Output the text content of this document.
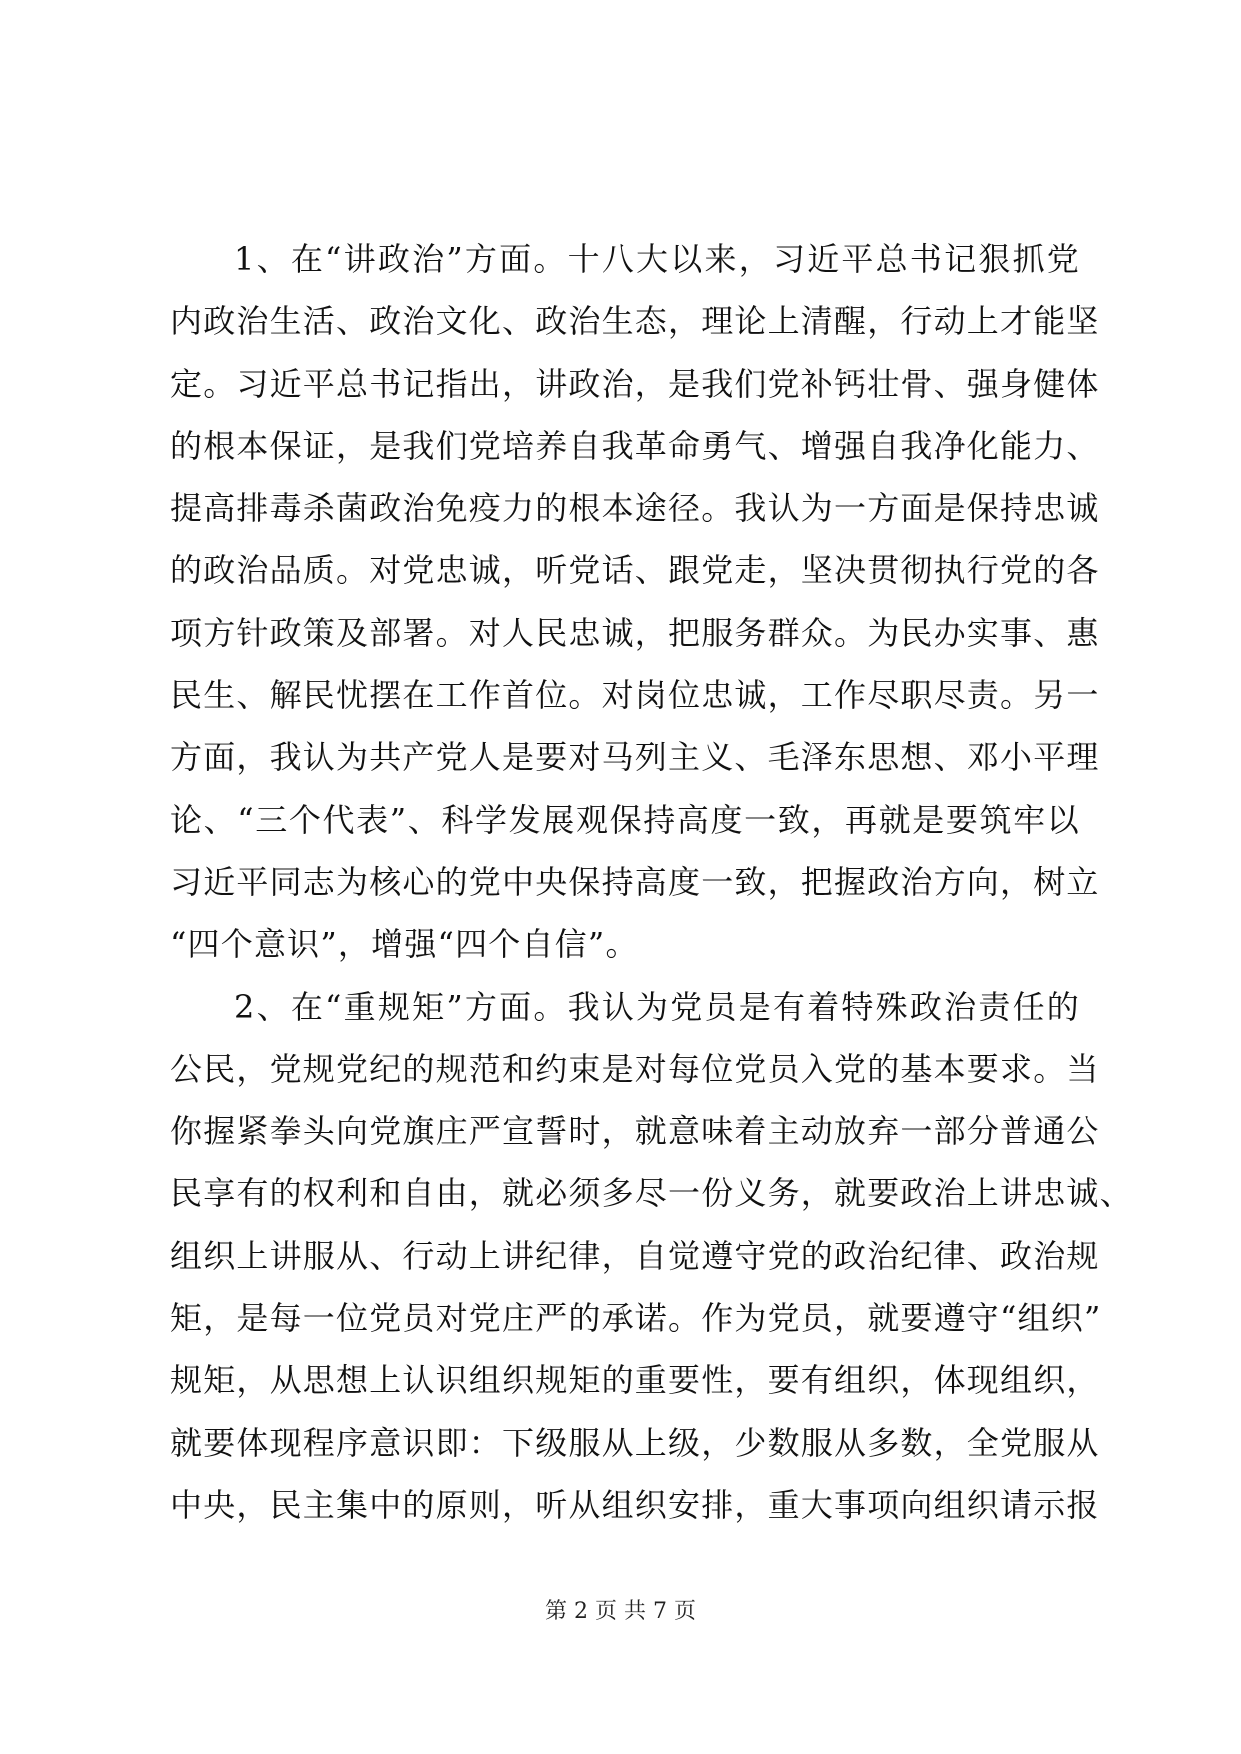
1、在“讲政治”方面。十八大以来，习近平总书记狠抓党
内政治生活、政治文化、政治生态，理论上清醒，行动上才能坚
定。习近平总书记指出，讲政治，是我们党补钙壮骨、强身健体
的根本保证，是我们党培养自我革命勇气、增强自我净化能力、
提高排毒杀菌政治免疫力的根本途径。我认为一方面是保持忠诚
的政治品质。对党忠诚，听党话、跟党走，坚决贯彻执行党的各
项方针政策及部署。对人民忠诚，把服务群众。为民办实事、惠
民生、解民忧摆在工作首位。对岗位忠诚，工作尽职尽责。另一
方面，我认为共产党人是要对马列主义、毛泽东思想、邓小平理
论、“三个代表”、科学发展观保持高度一致，再就是要筑牢以
习近平同志为核心的党中央保持高度一致，把握政治方向，树立
“四个意识”，增强“四个自信”。
2、在“重规矩”方面。我认为党员是有着特殊政治责任的
公民，党规党纪的规范和约束是对每位党员入党的基本要求。当
你握紧拳头向党旗庄严宣誓时，就意味着主动放弃一部分普通公
民享有的权利和自由，就必须多尽一份义务，就要政治上讲忠诚、
组织上讲服从、行动上讲纪律，自觉遵守党的政治纪律、政治规
矩，是每一位党员对党庄严的承诺。作为党员，就要遵守“组织”
规矩，从思想上认识组织规矩的重要性，要有组织，体现组织，
就要体现程序意识即：下级服从上级，少数服从多数，全党服从
中央，民主集中的原则，听从组织安排，重大事项向组织请示报
第 2 页 共 7 页
